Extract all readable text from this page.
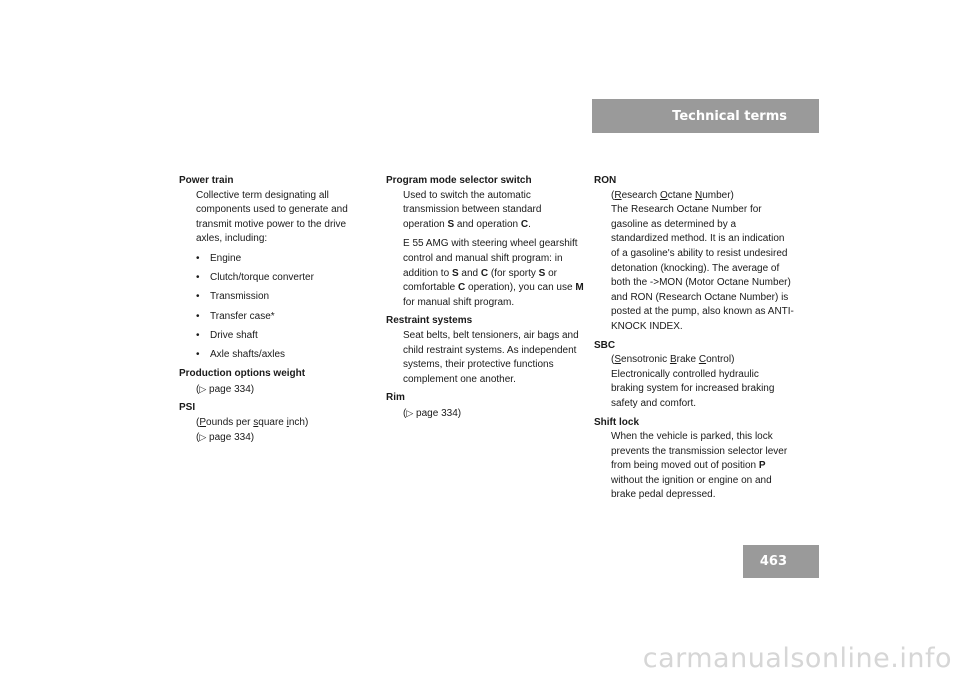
Technical terms
Power train

Collective term designating all components used to generate and transmit motive power to the drive axles, including:

• Engine
• Clutch/torque converter
• Transmission
• Transfer case*
• Drive shaft
• Axle shafts/axles
Production options weight
(▷ page 334)
PSI
(Pounds per square inch)
(▷ page 334)
Program mode selector switch

Used to switch the automatic transmission between standard operation S and operation C.

E 55 AMG with steering wheel gearshift control and manual shift program: in addition to S and C (for sporty S or comfortable C operation), you can use M for manual shift program.

Restraint systems

Seat belts, belt tensioners, air bags and child restraint systems. As independent systems, their protective functions complement one another.

Rim
(▷ page 334)
RON
(Research Octane Number)
The Research Octane Number for gasoline as determined by a standardized method. It is an indication of a gasoline's ability to resist undesired detonation (knocking). The average of both the ->MON (Motor Octane Number) and RON (Research Octane Number) is posted at the pump, also known as ANTI-KNOCK INDEX.
SBC
(Sensotronic Brake Control)
Electronically controlled hydraulic braking system for increased braking safety and comfort.
Shift lock

When the vehicle is parked, this lock prevents the transmission selector lever from being moved out of position P without the ignition or engine on and brake pedal depressed.

463
carmanualsonline.info
